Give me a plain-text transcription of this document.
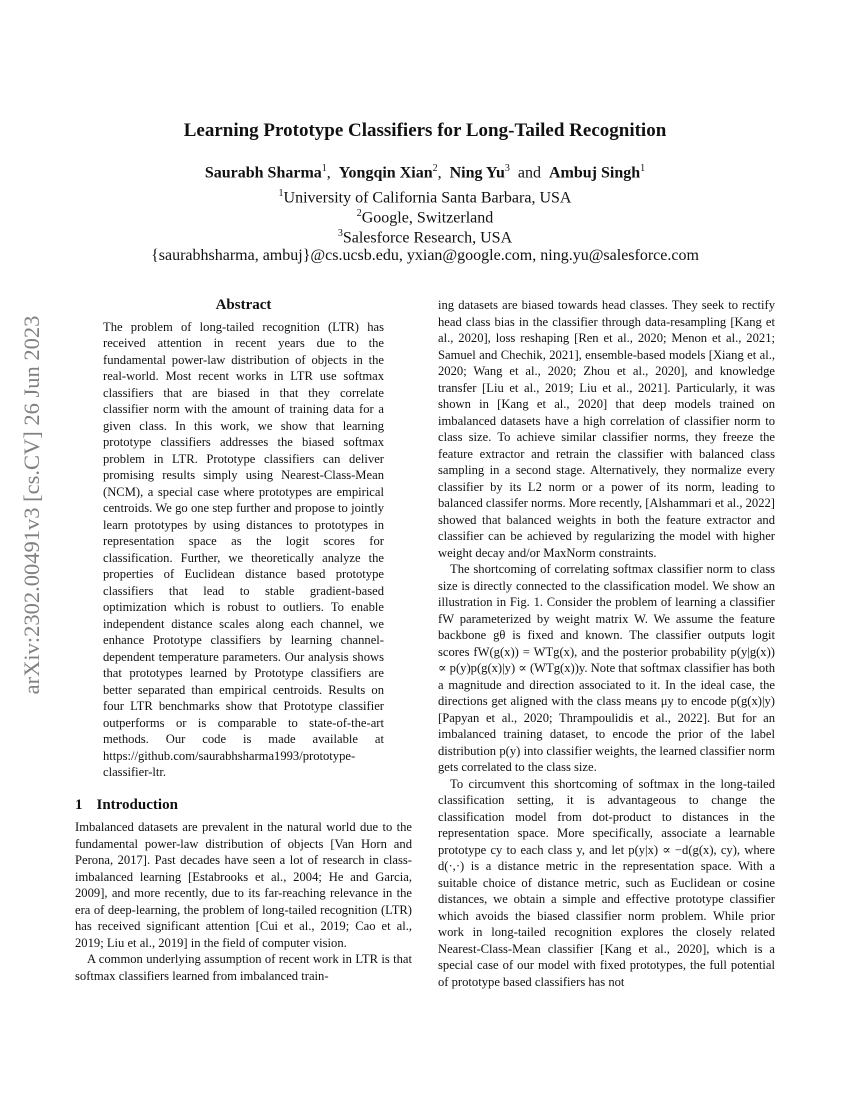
arXiv:2302.00491v3 [cs.CV] 26 Jun 2023
Learning Prototype Classifiers for Long-Tailed Recognition
Saurabh Sharma$^1$, Yongqin Xian$^2$, Ning Yu$^3$ and Ambuj Singh$^1$
$^1$University of California Santa Barbara, USA
$^2$Google, Switzerland
$^3$Salesforce Research, USA
{saurabhsharma, ambuj}@cs.ucsb.edu, yxian@google.com, ning.yu@salesforce.com
Abstract

The problem of long-tailed recognition (LTR) has received attention in recent years due to the fundamental power-law distribution of objects in the real-world. Most recent works in LTR use softmax classifiers that are biased in that they correlate classifier norm with the amount of training data for a given class. In this work, we show that learning prototype classifiers addresses the biased softmax problem in LTR. Prototype classifiers can deliver promising results simply using Nearest-Class-Mean (NCM), a special case where prototypes are empirical centroids. We go one step further and propose to jointly learn prototypes by using distances to prototypes in representation space as the logit scores for classification. Further, we theoretically analyze the properties of Euclidean distance based prototype classifiers that lead to stable gradient-based optimization which is robust to outliers. To enable independent distance scales along each channel, we enhance Prototype classifiers by learning channel-dependent temperature parameters. Our analysis shows that prototypes learned by Prototype classifiers are better separated than empirical centroids. Results on four LTR benchmarks show that Prototype classifier outperforms or is comparable to state-of-the-art methods. Our code is made available at https://github.com/saurabhsharma1993/prototype-classifier-ltr.

1 Introduction

Imbalanced datasets are prevalent in the natural world due to the fundamental power-law distribution of objects [Van Horn and Perona, 2017]. Past decades have seen a lot of research in class-imbalanced learning [Estabrooks et al., 2004; He and Garcia, 2009], and more recently, due to its far-reaching relevance in the era of deep-learning, the problem of long-tailed recognition (LTR) has received significant attention [Cui et al., 2019; Cao et al., 2019; Liu et al., 2019] in the field of computer vision.

A common underlying assumption of recent work in LTR is that softmax classifiers learned from imbalanced train-

ing datasets are biased towards head classes. They seek to rectify head class bias in the classifier through data-resampling [Kang et al., 2020], loss reshaping [Ren et al., 2020; Menon et al., 2021; Samuel and Chechik, 2021], ensemble-based models [Xiang et al., 2020; Wang et al., 2020; Zhou et al., 2020], and knowledge transfer [Liu et al., 2019; Liu et al., 2021]. Particularly, it was shown in [Kang et al., 2020] that deep models trained on imbalanced datasets have a high correlation of classifier norm to class size. To achieve similar classifier norms, they freeze the feature extractor and retrain the classifier with balanced class sampling in a second stage. Alternatively, they normalize every classifier by its L2 norm or a power of its norm, leading to balanced classifer norms. More recently, [Alshammari et al., 2022] showed that balanced weights in both the feature extractor and classifier can be achieved by regularizing the model with higher weight decay and/or MaxNorm constraints.

The shortcoming of correlating softmax classifier norm to class size is directly connected to the classification model. We show an illustration in Fig. 1. Consider the problem of learning a classifier fW parameterized by weight matrix W. We assume the feature backbone gθ is fixed and known. The classifier outputs logit scores fW(g(x)) = WTg(x), and the posterior probability p(y|g(x)) ∝ p(y)p(g(x)|y) ∝ (WTg(x))y. Note that softmax classifier has both a magnitude and direction associated to it. In the ideal case, the directions get aligned with the class means μy to encode p(g(x)|y) [Papyan et al., 2020; Thrampoulidis et al., 2022]. But for an imbalanced training dataset, to encode the prior of the label distribution p(y) into classifier weights, the learned classifier norm gets correlated to the class size.

To circumvent this shortcoming of softmax in the long-tailed classification setting, it is advantageous to change the classification model from dot-product to distances in the representation space. More specifically, associate a learnable prototype cy to each class y, and let p(y|x) ∝ −d(g(x), cy), where d(·,·) is a distance metric in the representation space. With a suitable choice of distance metric, such as Euclidean or cosine distances, we obtain a simple and effective prototype classifier which avoids the biased classifier norm problem. While prior work in long-tailed recognition explores the closely related Nearest-Class-Mean classifier [Kang et al., 2020], which is a special case of our model with fixed prototypes, the full potential of prototype based classifiers has not
